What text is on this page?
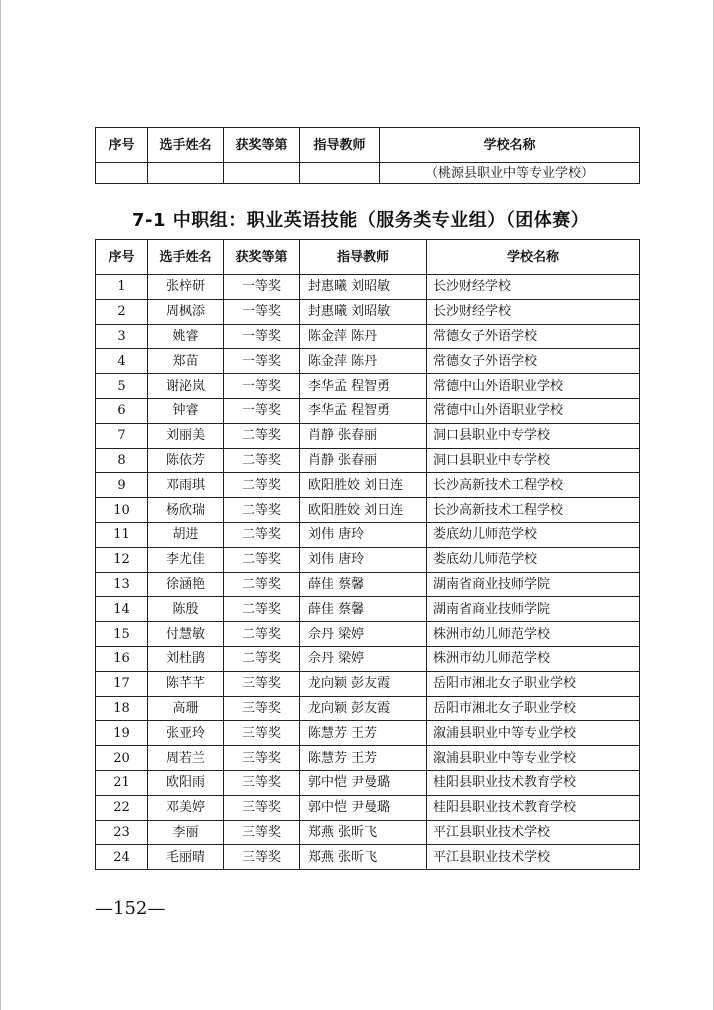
序号	选手姓名	获奖等第	指导教师	学校名称
				（桃源县职业中等专业学校）
7-1 中职组：职业英语技能（服务类专业组）（团体赛）
序号	选手姓名	获奖等第	指导教师	学校名称
1	张梓研	一等奖	封惠曦 刘昭敏	长沙财经学校
2	周枫添	一等奖	封惠曦 刘昭敏	长沙财经学校
3	姚睿	一等奖	陈金萍 陈丹	常德女子外语学校
4	郑苗	一等奖	陈金萍 陈丹	常德女子外语学校
5	谢泌岚	一等奖	李华孟 程智勇	常德中山外语职业学校
6	钟睿	一等奖	李华孟 程智勇	常德中山外语职业学校
7	刘丽美	二等奖	肖静 张春丽	洞口县职业中专学校
8	陈依芳	二等奖	肖静 张春丽	洞口县职业中专学校
9	邓雨琪	二等奖	欧阳胜姣 刘日连	长沙高新技术工程学校
10	杨欣瑞	二等奖	欧阳胜姣 刘日连	长沙高新技术工程学校
11	胡进	二等奖	刘伟 唐玲	娄底幼儿师范学校
12	李尤佳	二等奖	刘伟 唐玲	娄底幼儿师范学校
13	徐涵艳	二等奖	薛佳 蔡馨	湖南省商业技师学院
14	陈殷	二等奖	薛佳 蔡馨	湖南省商业技师学院
15	付慧敏	二等奖	佘丹 梁婷	株洲市幼儿师范学校
16	刘杜鹃	二等奖	佘丹 梁婷	株洲市幼儿师范学校
17	陈芊芊	三等奖	龙向颖 彭友霞	岳阳市湘北女子职业学校
18	高珊	三等奖	龙向颖 彭友霞	岳阳市湘北女子职业学校
19	张亚玲	三等奖	陈慧芳 王芳	溆浦县职业中等专业学校
20	周若兰	三等奖	陈慧芳 王芳	溆浦县职业中等专业学校
21	欧阳雨	三等奖	郭中恺 尹曼璐	桂阳县职业技术教育学校
22	邓美婷	三等奖	郭中恺 尹曼璐	桂阳县职业技术教育学校
23	李丽	三等奖	郑燕 张昕飞	平江县职业技术学校
24	毛丽晴	三等奖	郑燕 张昕飞	平江县职业技术学校
—152—
